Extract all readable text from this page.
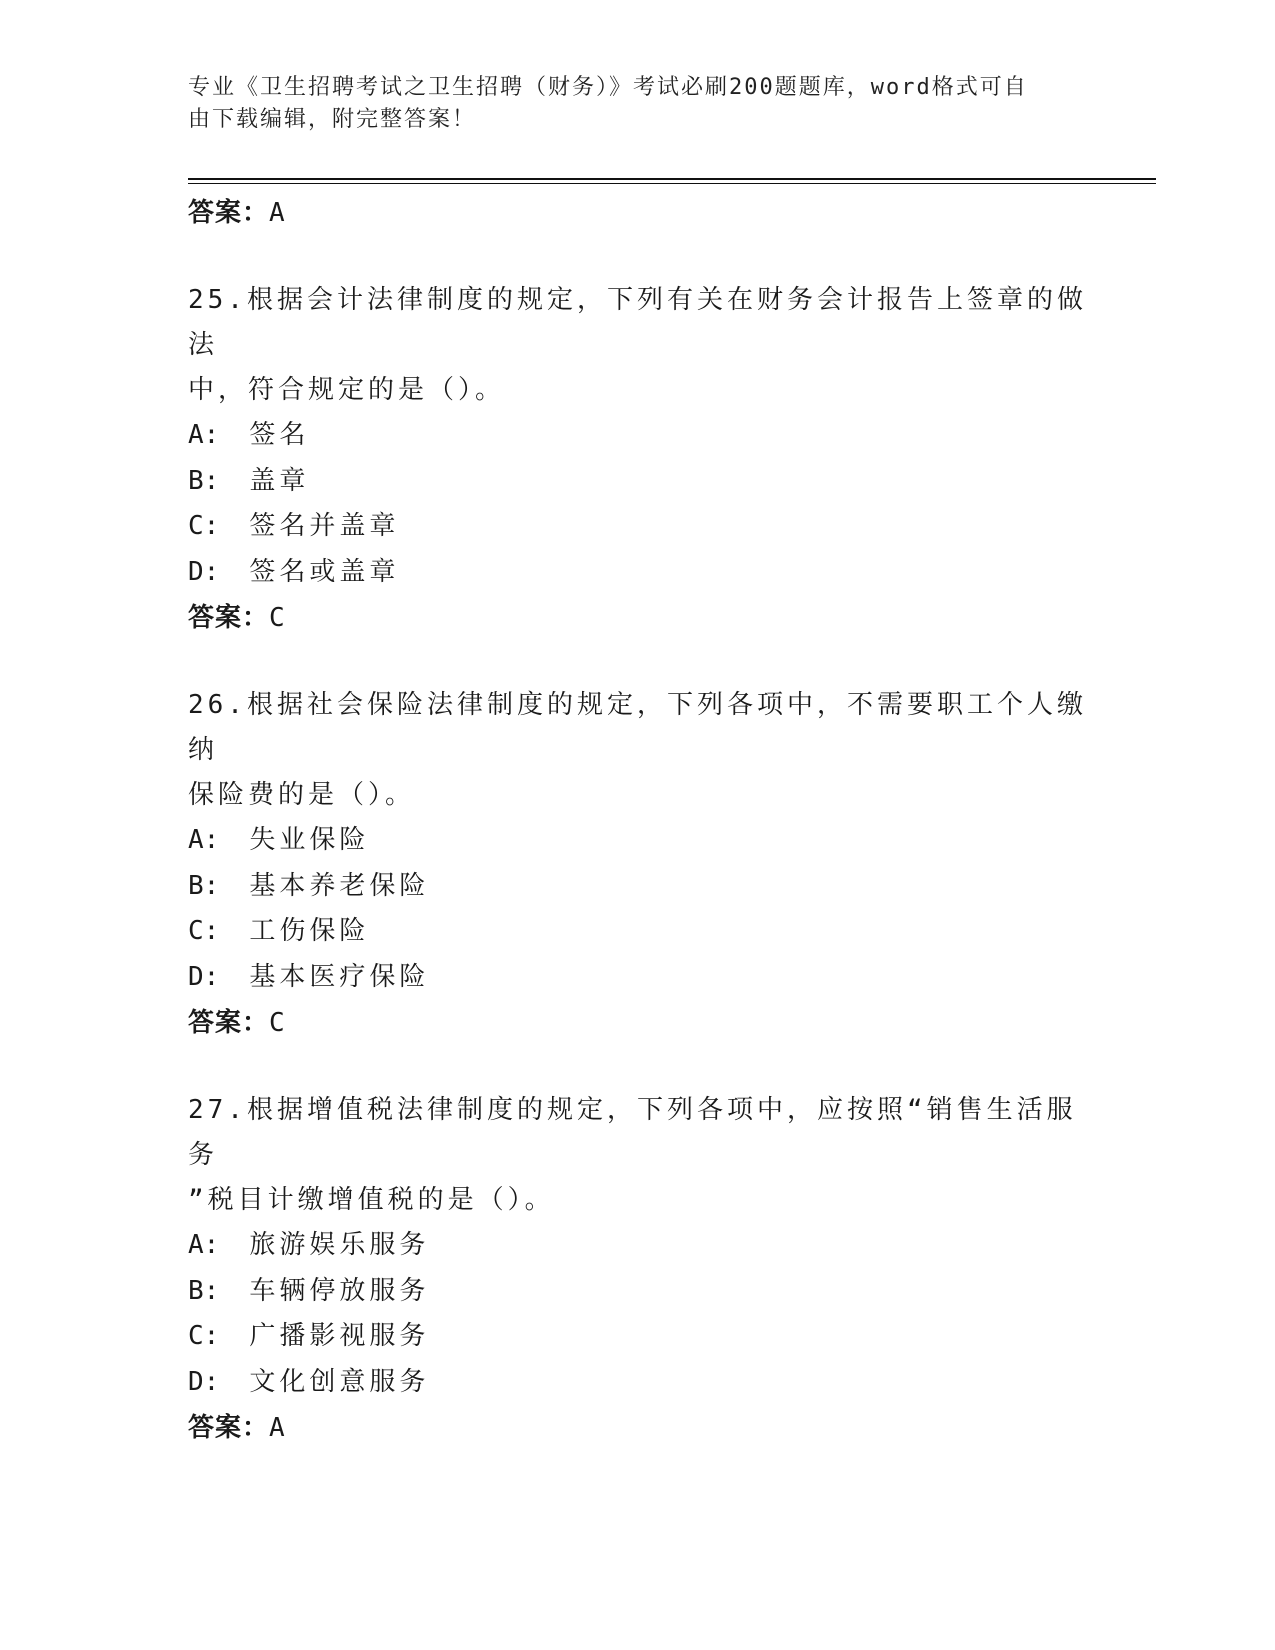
专业《卫生招聘考试之卫生招聘（财务）》考试必刷200题题库，word格式可自
由下载编辑，附完整答案！
答案：A
25.根据会计法律制度的规定，下列有关在财务会计报告上签章的做法
中，符合规定的是（）。
A: 签名
B: 盖章
C: 签名并盖章
D: 签名或盖章
答案：C
26.根据社会保险法律制度的规定，下列各项中，不需要职工个人缴纳
保险费的是（）。
A: 失业保险
B: 基本养老保险
C: 工伤保险
D: 基本医疗保险
答案：C
27.根据增值税法律制度的规定，下列各项中，应按照“销售生活服务
”税目计缴增值税的是（）。
A: 旅游娱乐服务
B: 车辆停放服务
C: 广播影视服务
D: 文化创意服务
答案：A
